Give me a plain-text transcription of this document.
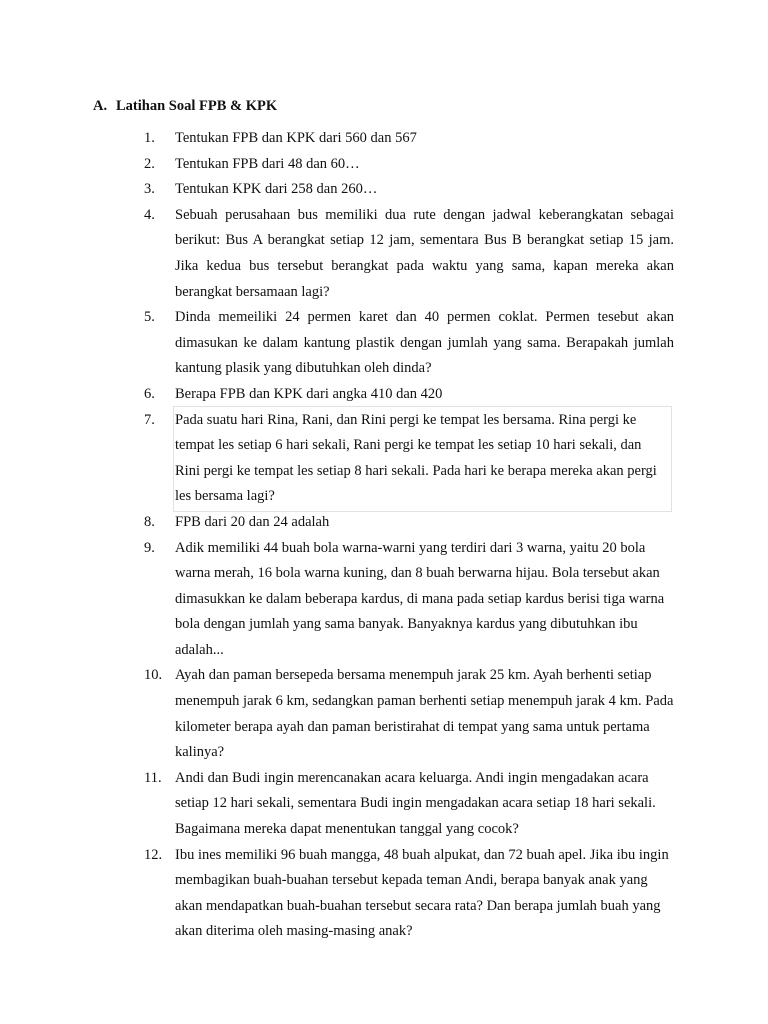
A. Latihan Soal FPB & KPK
1. Tentukan FPB dan KPK dari 560 dan 567
2. Tentukan FPB dari 48 dan 60…
3. Tentukan KPK dari 258 dan 260…
4. Sebuah perusahaan bus memiliki dua rute dengan jadwal keberangkatan sebagai berikut: Bus A berangkat setiap 12 jam, sementara Bus B berangkat setiap 15 jam. Jika kedua bus tersebut berangkat pada waktu yang sama, kapan mereka akan berangkat bersamaan lagi?
5. Dinda memeiliki 24 permen karet dan 40 permen coklat. Permen tesebut akan dimasukan ke dalam kantung plastik dengan jumlah yang sama. Berapakah jumlah kantung plasik yang dibutuhkan oleh dinda?
6. Berapa FPB dan KPK dari angka 410 dan 420
7. Pada suatu hari Rina, Rani, dan Rini pergi ke tempat les bersama. Rina pergi ke tempat les setiap 6 hari sekali, Rani pergi ke tempat les setiap 10 hari sekali, dan Rini pergi ke tempat les setiap 8 hari sekali. Pada hari ke berapa mereka akan pergi les bersama lagi?
8. FPB dari 20 dan 24 adalah
9. Adik memiliki 44 buah bola warna-warni yang terdiri dari 3 warna, yaitu 20 bola warna merah, 16 bola warna kuning, dan 8 buah berwarna hijau. Bola tersebut akan dimasukkan ke dalam beberapa kardus, di mana pada setiap kardus berisi tiga warna bola dengan jumlah yang sama banyak. Banyaknya kardus yang dibutuhkan ibu adalah...
10. Ayah dan paman bersepeda bersama menempuh jarak 25 km. Ayah berhenti setiap menempuh jarak 6 km, sedangkan paman berhenti setiap menempuh jarak 4 km. Pada kilometer berapa ayah dan paman beristirahat di tempat yang sama untuk pertama kalinya?
11. Andi dan Budi ingin merencanakan acara keluarga. Andi ingin mengadakan acara setiap 12 hari sekali, sementara Budi ingin mengadakan acara setiap 18 hari sekali. Bagaimana mereka dapat menentukan tanggal yang cocok?
12. Ibu ines memiliki 96 buah mangga, 48 buah alpukat, dan 72 buah apel. Jika ibu ingin membagikan buah-buahan tersebut kepada teman Andi, berapa banyak anak yang akan mendapatkan buah-buahan tersebut secara rata? Dan berapa jumlah buah yang akan diterima oleh masing-masing anak?
